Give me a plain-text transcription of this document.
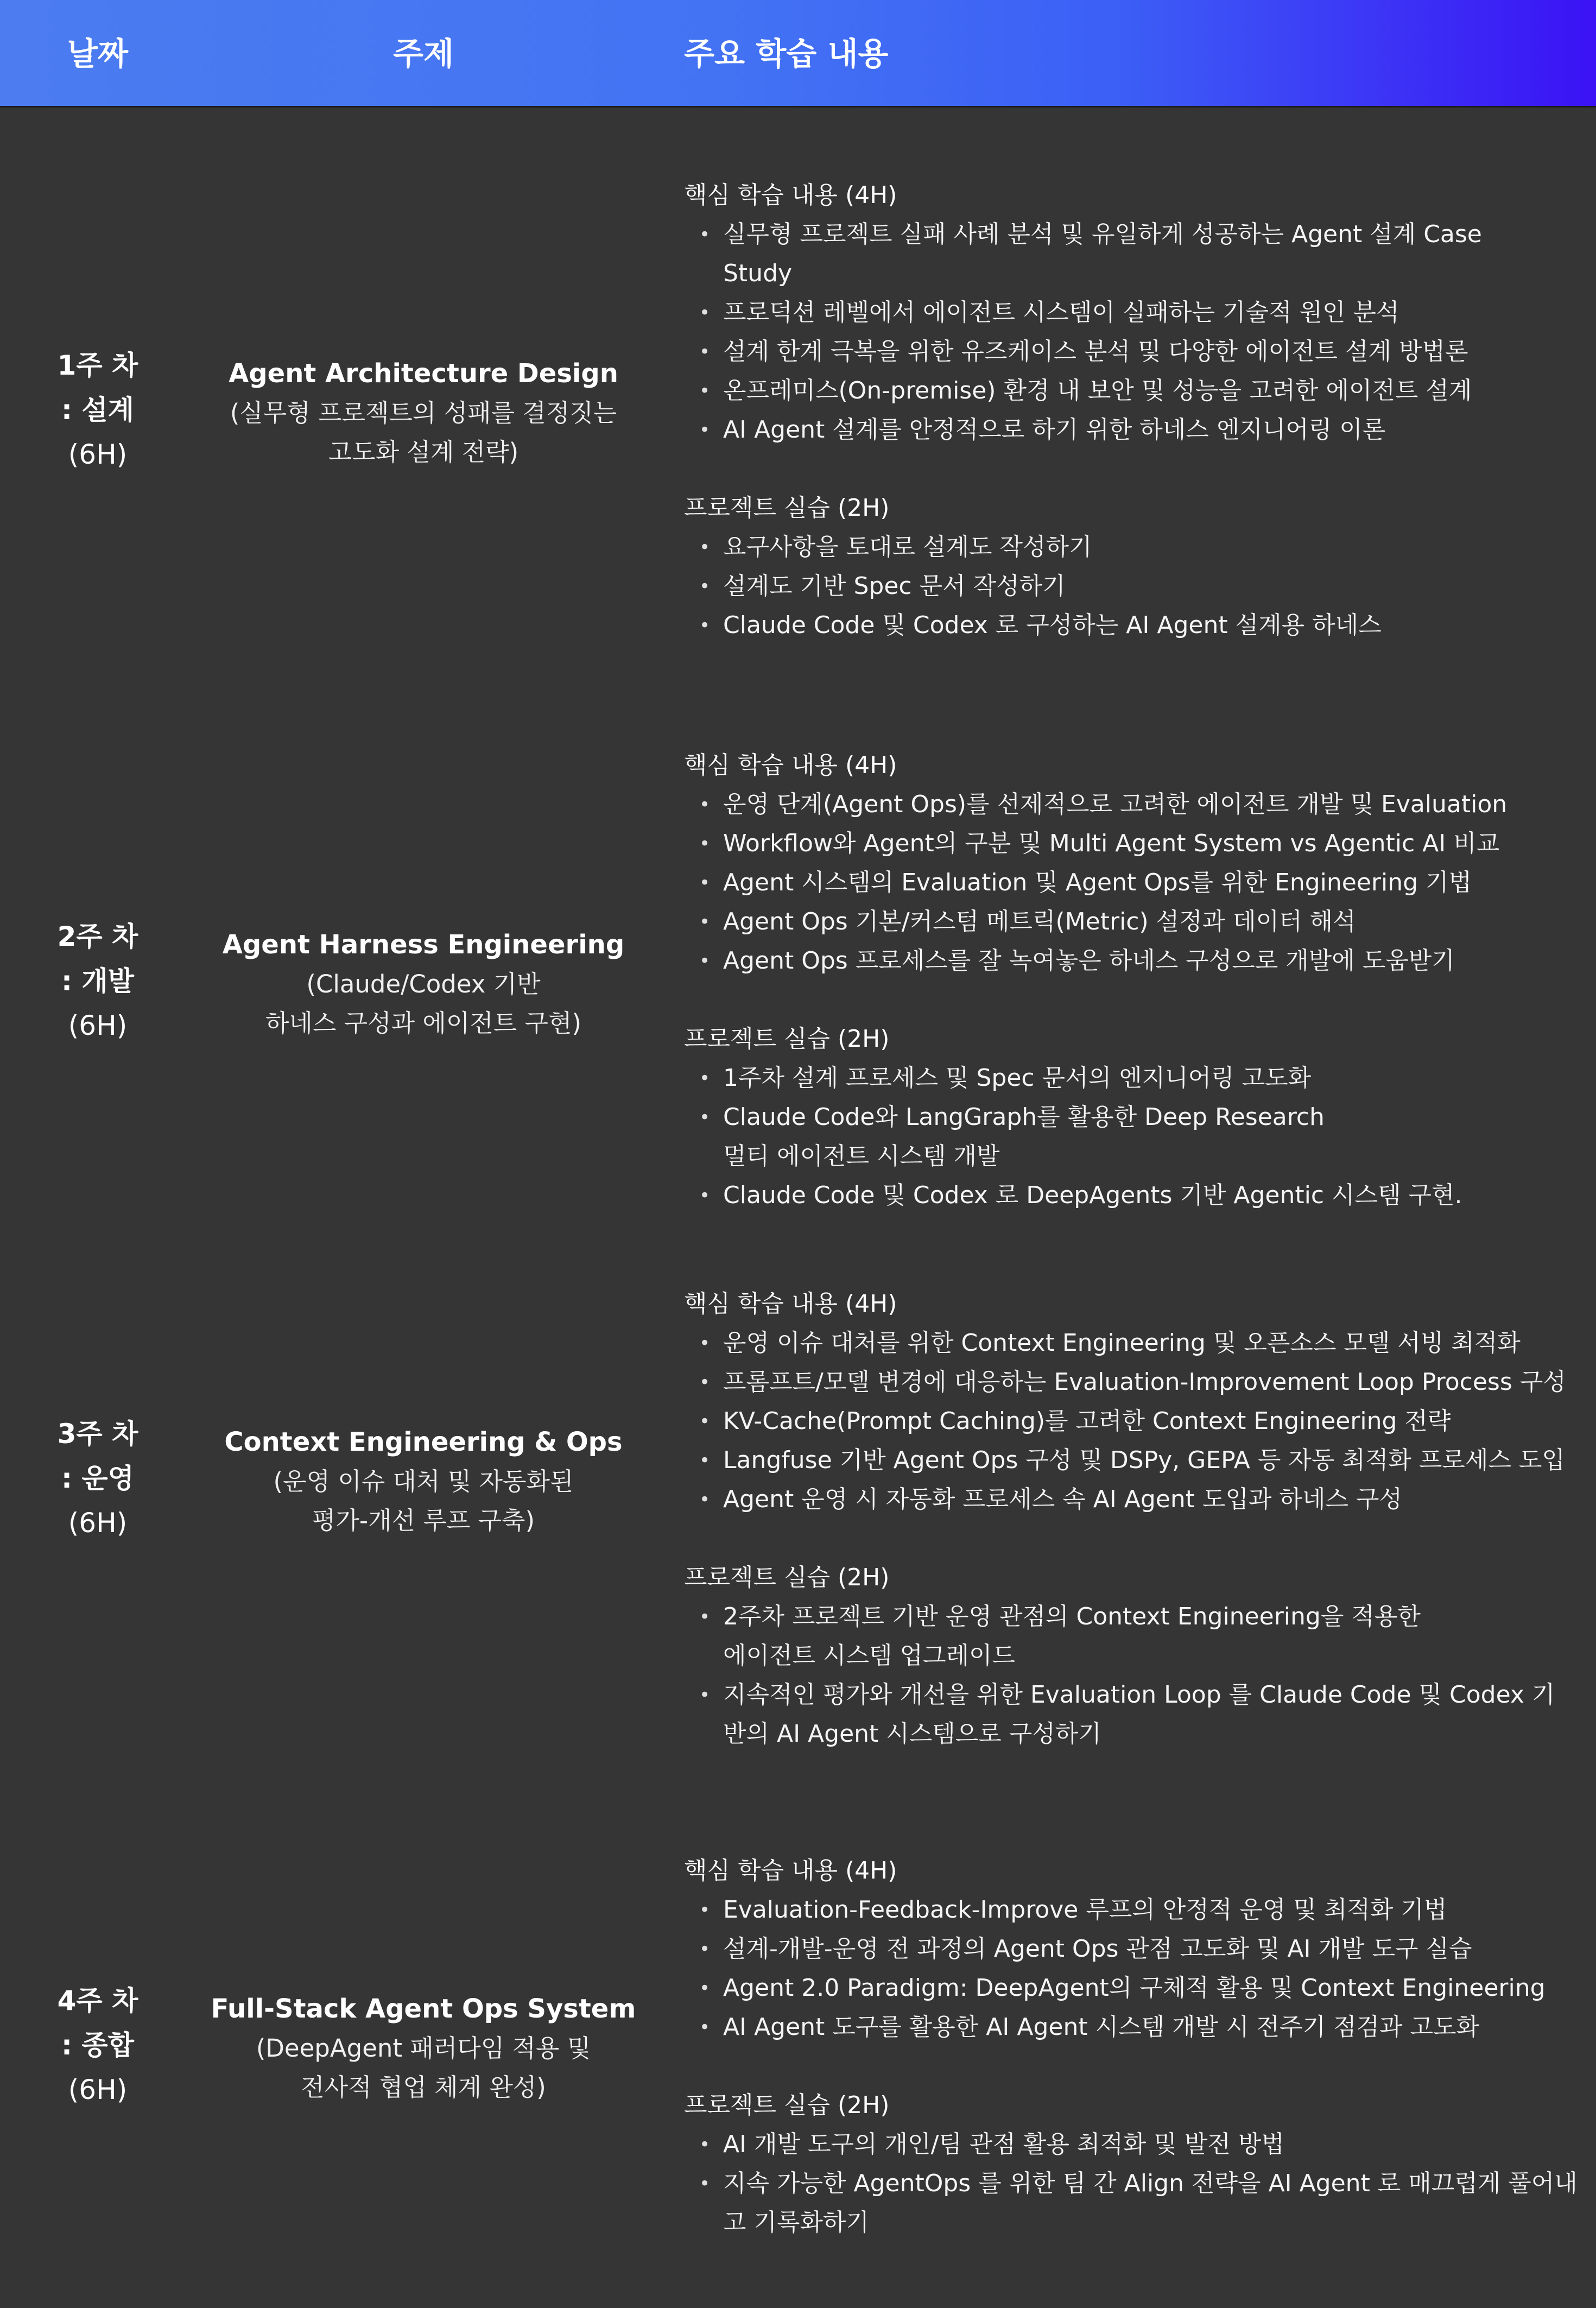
날짜	주제	주요 학습 내용
1주 차
: 설계
(6H)
Agent Architecture Design
(실무형 프로젝트의 성패를 결정짓는
고도화 설계 전략)
핵심 학습 내용 (4H)
• 실무형 프로젝트 실패 사례 분석 및 유일하게 성공하는 Agent 설계 Case
Study
• 프로덕션 레벨에서 에이전트 시스템이 실패하는 기술적 원인 분석
• 설계 한계 극복을 위한 유즈케이스 분석 및 다양한 에이전트 설계 방법론
• 온프레미스(On-premise) 환경 내 보안 및 성능을 고려한 에이전트 설계
• AI Agent 설계를 안정적으로 하기 위한 하네스 엔지니어링 이론
프로젝트 실습 (2H)
• 요구사항을 토대로 설계도 작성하기
• 설계도 기반 Spec 문서 작성하기
• Claude Code 및 Codex 로 구성하는 AI Agent 설계용 하네스
2주 차
: 개발
(6H)
Agent Harness Engineering
(Claude/Codex 기반
하네스 구성과 에이전트 구현)
핵심 학습 내용 (4H)
• 운영 단계(Agent Ops)를 선제적으로 고려한 에이전트 개발 및 Evaluation
• Workflow와 Agent의 구분 및 Multi Agent System vs Agentic AI 비교
• Agent 시스템의 Evaluation 및 Agent Ops를 위한 Engineering 기법
• Agent Ops 기본/커스텀 메트릭(Metric) 설정과 데이터 해석
• Agent Ops 프로세스를 잘 녹여놓은 하네스 구성으로 개발에 도움받기
프로젝트 실습 (2H)
• 1주차 설계 프로세스 및 Spec 문서의 엔지니어링 고도화
• Claude Code와 LangGraph를 활용한 Deep Research
멀티 에이전트 시스템 개발
• Claude Code 및 Codex 로 DeepAgents 기반 Agentic 시스템 구현.
3주 차
: 운영
(6H)
Context Engineering & Ops
(운영 이슈 대처 및 자동화된
평가-개선 루프 구축)
핵심 학습 내용 (4H)
• 운영 이슈 대처를 위한 Context Engineering 및 오픈소스 모델 서빙 최적화
• 프롬프트/모델 변경에 대응하는 Evaluation-Improvement Loop Process 구성
• KV-Cache(Prompt Caching)를 고려한 Context Engineering 전략
• Langfuse 기반 Agent Ops 구성 및 DSPy, GEPA 등 자동 최적화 프로세스 도입
• Agent 운영 시 자동화 프로세스 속 AI Agent 도입과 하네스 구성
프로젝트 실습 (2H)
• 2주차 프로젝트 기반 운영 관점의 Context Engineering을 적용한
에이전트 시스템 업그레이드
• 지속적인 평가와 개선을 위한 Evaluation Loop 를 Claude Code 및 Codex 기
반의 AI Agent 시스템으로 구성하기
4주 차
: 종합
(6H)
Full-Stack Agent Ops System
(DeepAgent 패러다임 적용 및
전사적 협업 체계 완성)
핵심 학습 내용 (4H)
• Evaluation-Feedback-Improve 루프의 안정적 운영 및 최적화 기법
• 설계-개발-운영 전 과정의 Agent Ops 관점 고도화 및 AI 개발 도구 실습
• Agent 2.0 Paradigm: DeepAgent의 구체적 활용 및 Context Engineering
• AI Agent 도구를 활용한 AI Agent 시스템 개발 시 전주기 점검과 고도화
프로젝트 실습 (2H)
• AI 개발 도구의 개인/팀 관점 활용 최적화 및 발전 방법
• 지속 가능한 AgentOps 를 위한 팀 간 Align 전략을 AI Agent 로 매끄럽게 풀어내
고 기록화하기
